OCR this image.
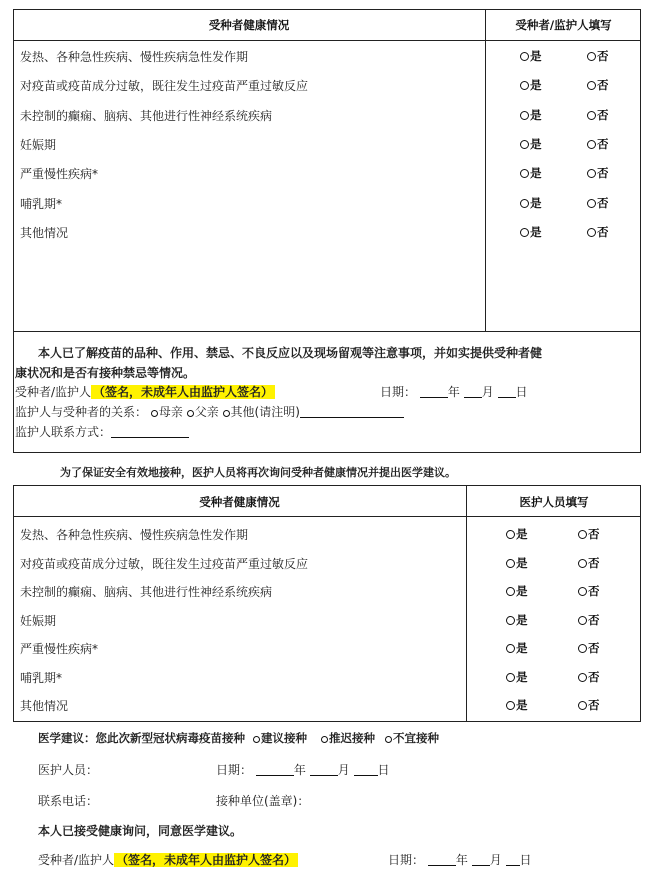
受种者健康情况	受种者/监护人填写
发热、各种急性疾病、慢性疾病急性发作期	是	否
对疫苗或疫苗成分过敏，既往发生过疫苗严重过敏反应	是	否
未控制的癫痫、脑病、其他进行性神经系统疾病	是	否
妊娠期	是	否
严重慢性疾病*	是	否
哺乳期*	是	否
其他情况	是	否
本人已了解疫苗的品种、作用、禁忌、不良反应以及现场留观等注意事项，并如实提供受种者健
康状况和是否有接种禁忌等情况。
受种者/监护人 （签名，未成年人由监护人签名）	日期：	年 月 日
监护人与受种者的关系： 母亲 父亲 其他(请注明)
监护人联系方式：
为了保证安全有效地接种，医护人员将再次询问受种者健康情况并提出医学建议。
受种者健康情况	医护人员填写
发热、各种急性疾病、慢性疾病急性发作期	是	否
对疫苗或疫苗成分过敏，既往发生过疫苗严重过敏反应	是	否
未控制的癫痫、脑病、其他进行性神经系统疾病	是	否
妊娠期	是	否
严重慢性疾病*	是	否
哺乳期*	是	否
其他情况	是	否
医学建议：您此次新型冠状病毒疫苗接种 建议接种 推迟接种 不宜接种
医护人员：	日期：	年	月 日
联系电话：	接种单位(盖章)：
本人已接受健康询问，同意医学建议。
受种者/监护人 （签名，未成年人由监护人签名）	日期：	年 月 日
